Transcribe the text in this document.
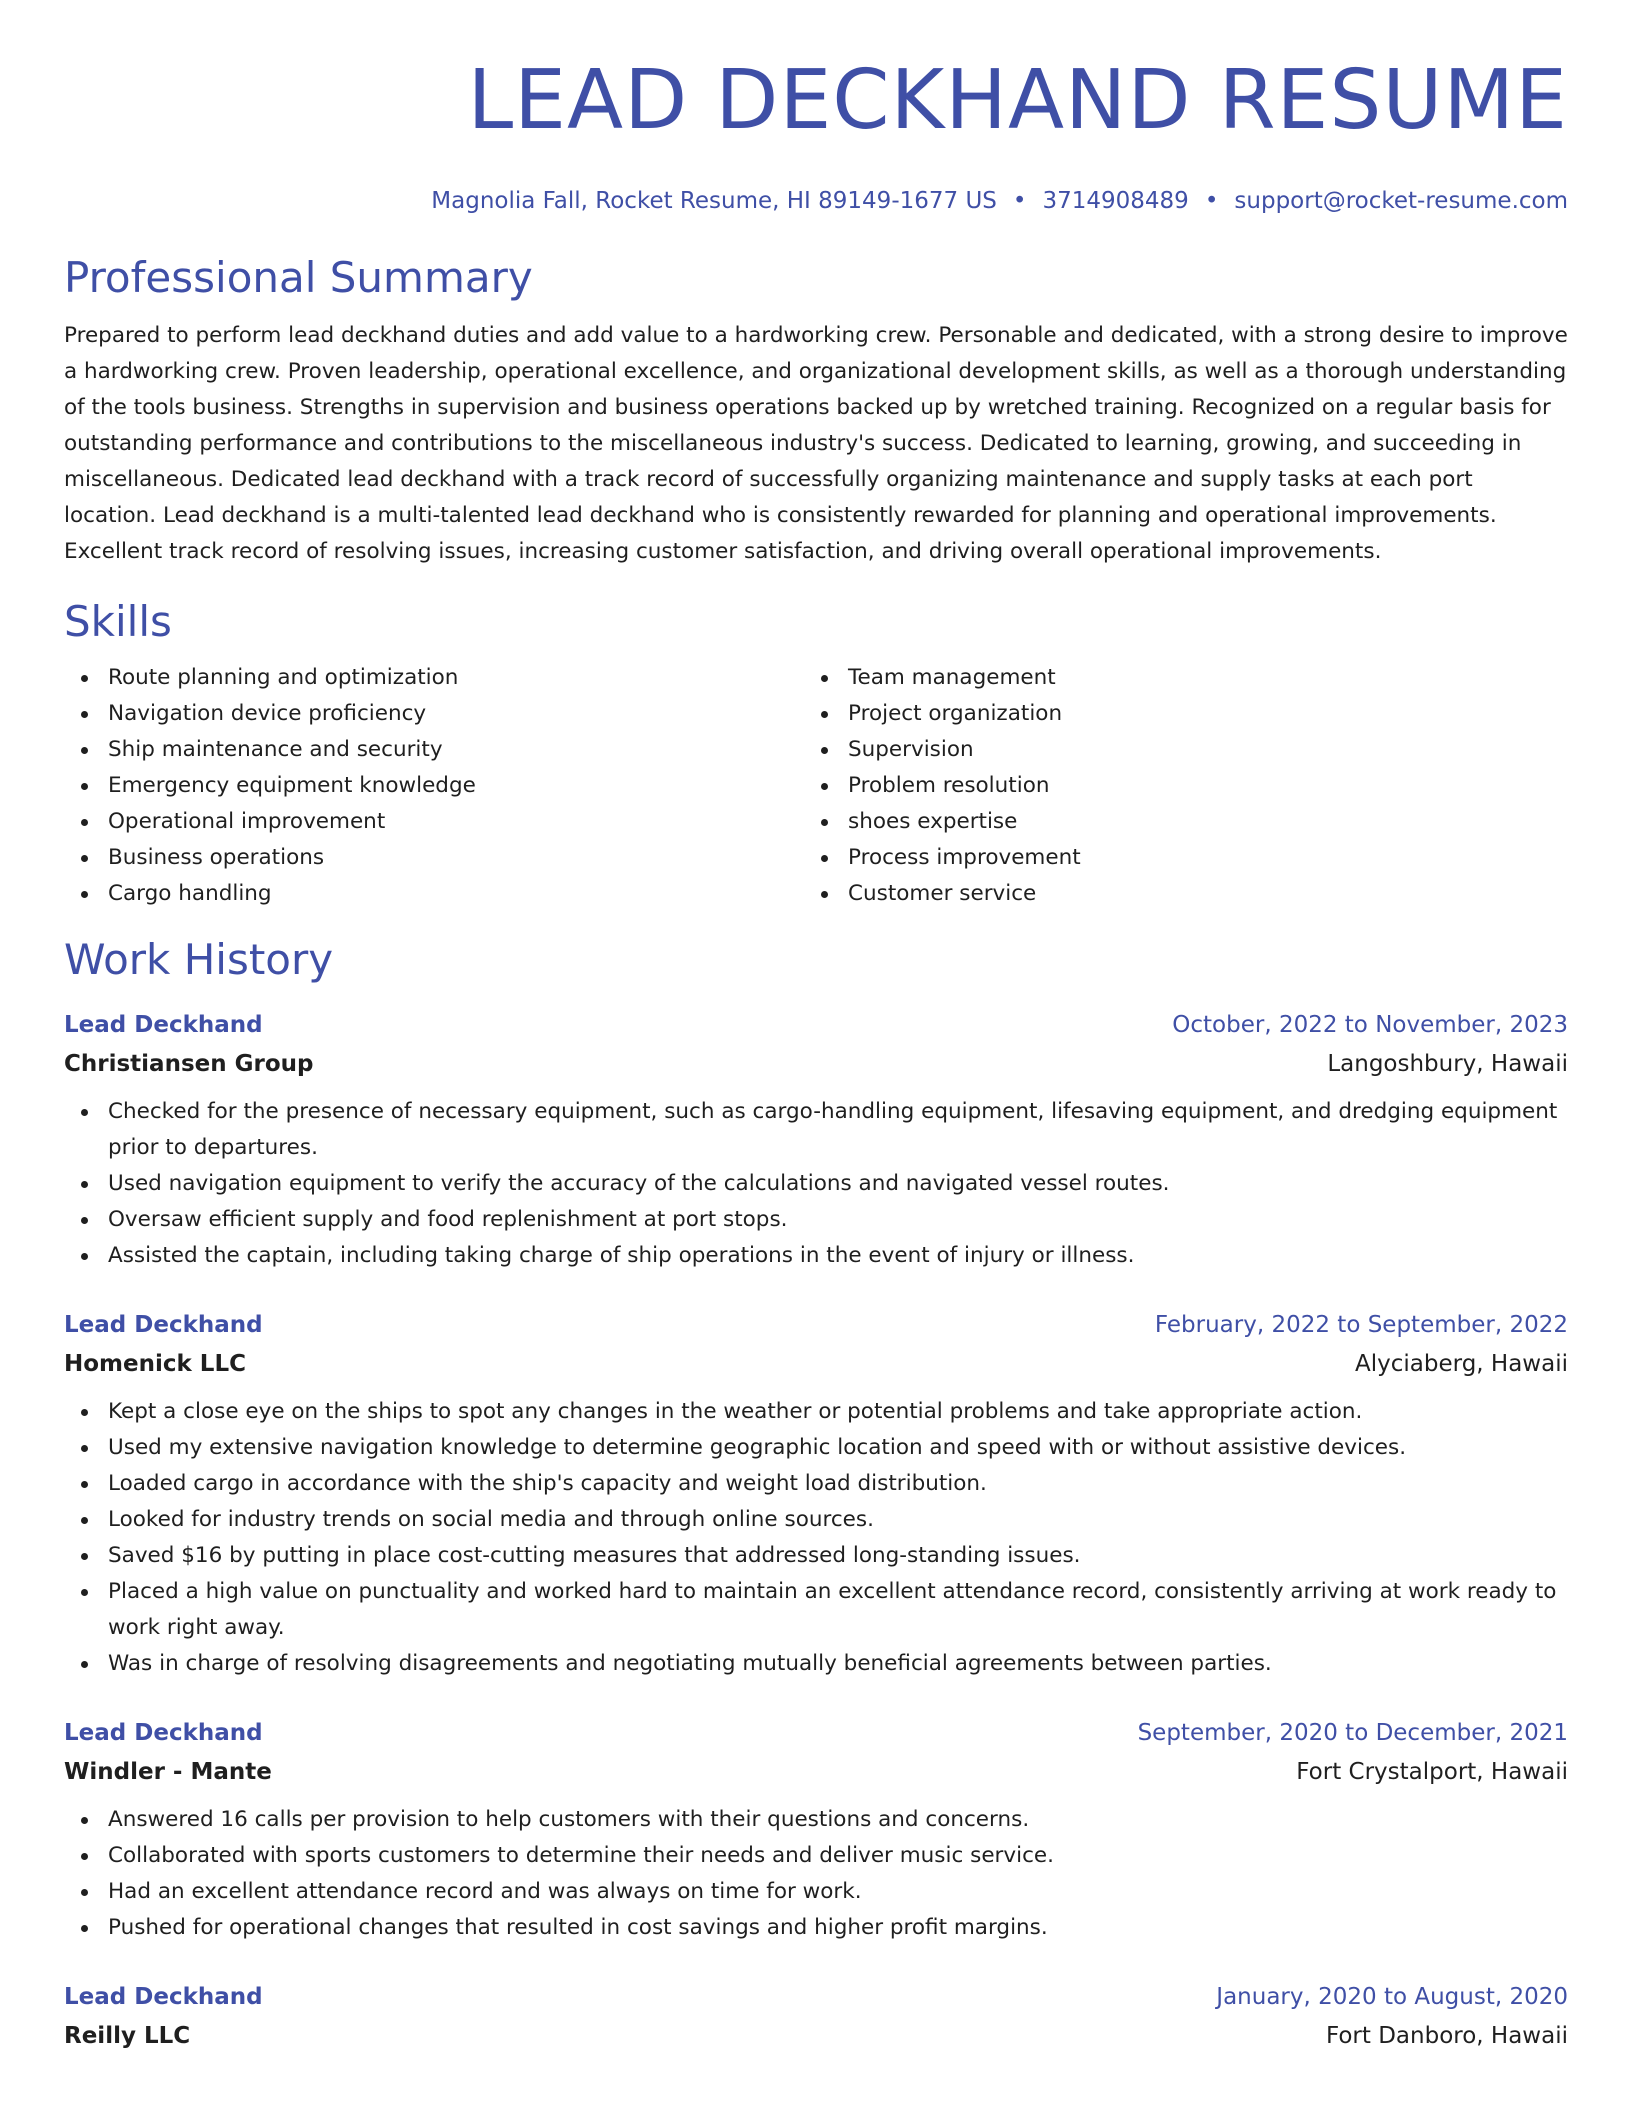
LEAD DECKHAND RESUME
Magnolia Fall, Rocket Resume, HI 89149-1677 US • 3714908489 • support@rocket-resume.com
Professional Summary

Prepared to perform lead deckhand duties and add value to a hardworking crew. Personable and dedicated, with a strong desire to improve a hardworking crew. Proven leadership, operational excellence, and organizational development skills, as well as a thorough understanding of the tools business. Strengths in supervision and business operations backed up by wretched training. Recognized on a regular basis for outstanding performance and contributions to the miscellaneous industry's success. Dedicated to learning, growing, and succeeding in miscellaneous. Dedicated lead deckhand with a track record of successfully organizing maintenance and supply tasks at each port location. Lead deckhand is a multi-talented lead deckhand who is consistently rewarded for planning and operational improvements. Excellent track record of resolving issues, increasing customer satisfaction, and driving overall operational improvements.

Skills
Route planning and optimization
Navigation device proficiency
Ship maintenance and security
Emergency equipment knowledge
Operational improvement
Business operations
Cargo handling
Team management
Project organization
Supervision
Problem resolution
shoes expertise
Process improvement
Customer service
Work History
Lead Deckhand	October, 2022 to November, 2023
Christiansen Group	Langoshbury, Hawaii
Checked for the presence of necessary equipment, such as cargo-handling equipment, lifesaving equipment, and dredging equipment prior to departures.
Used navigation equipment to verify the accuracy of the calculations and navigated vessel routes.
Oversaw efficient supply and food replenishment at port stops.
Assisted the captain, including taking charge of ship operations in the event of injury or illness.
Lead Deckhand	February, 2022 to September, 2022
Homenick LLC	Alyciaberg, Hawaii
Kept a close eye on the ships to spot any changes in the weather or potential problems and take appropriate action.
Used my extensive navigation knowledge to determine geographic location and speed with or without assistive devices.
Loaded cargo in accordance with the ship's capacity and weight load distribution.
Looked for industry trends on social media and through online sources.
Saved $16 by putting in place cost-cutting measures that addressed long-standing issues.
Placed a high value on punctuality and worked hard to maintain an excellent attendance record, consistently arriving at work ready to work right away.
Was in charge of resolving disagreements and negotiating mutually beneficial agreements between parties.
Lead Deckhand	September, 2020 to December, 2021
Windler - Mante	Fort Crystalport, Hawaii
Answered 16 calls per provision to help customers with their questions and concerns.
Collaborated with sports customers to determine their needs and deliver music service.
Had an excellent attendance record and was always on time for work.
Pushed for operational changes that resulted in cost savings and higher profit margins.
Lead Deckhand	January, 2020 to August, 2020
Reilly LLC	Fort Danboro, Hawaii
